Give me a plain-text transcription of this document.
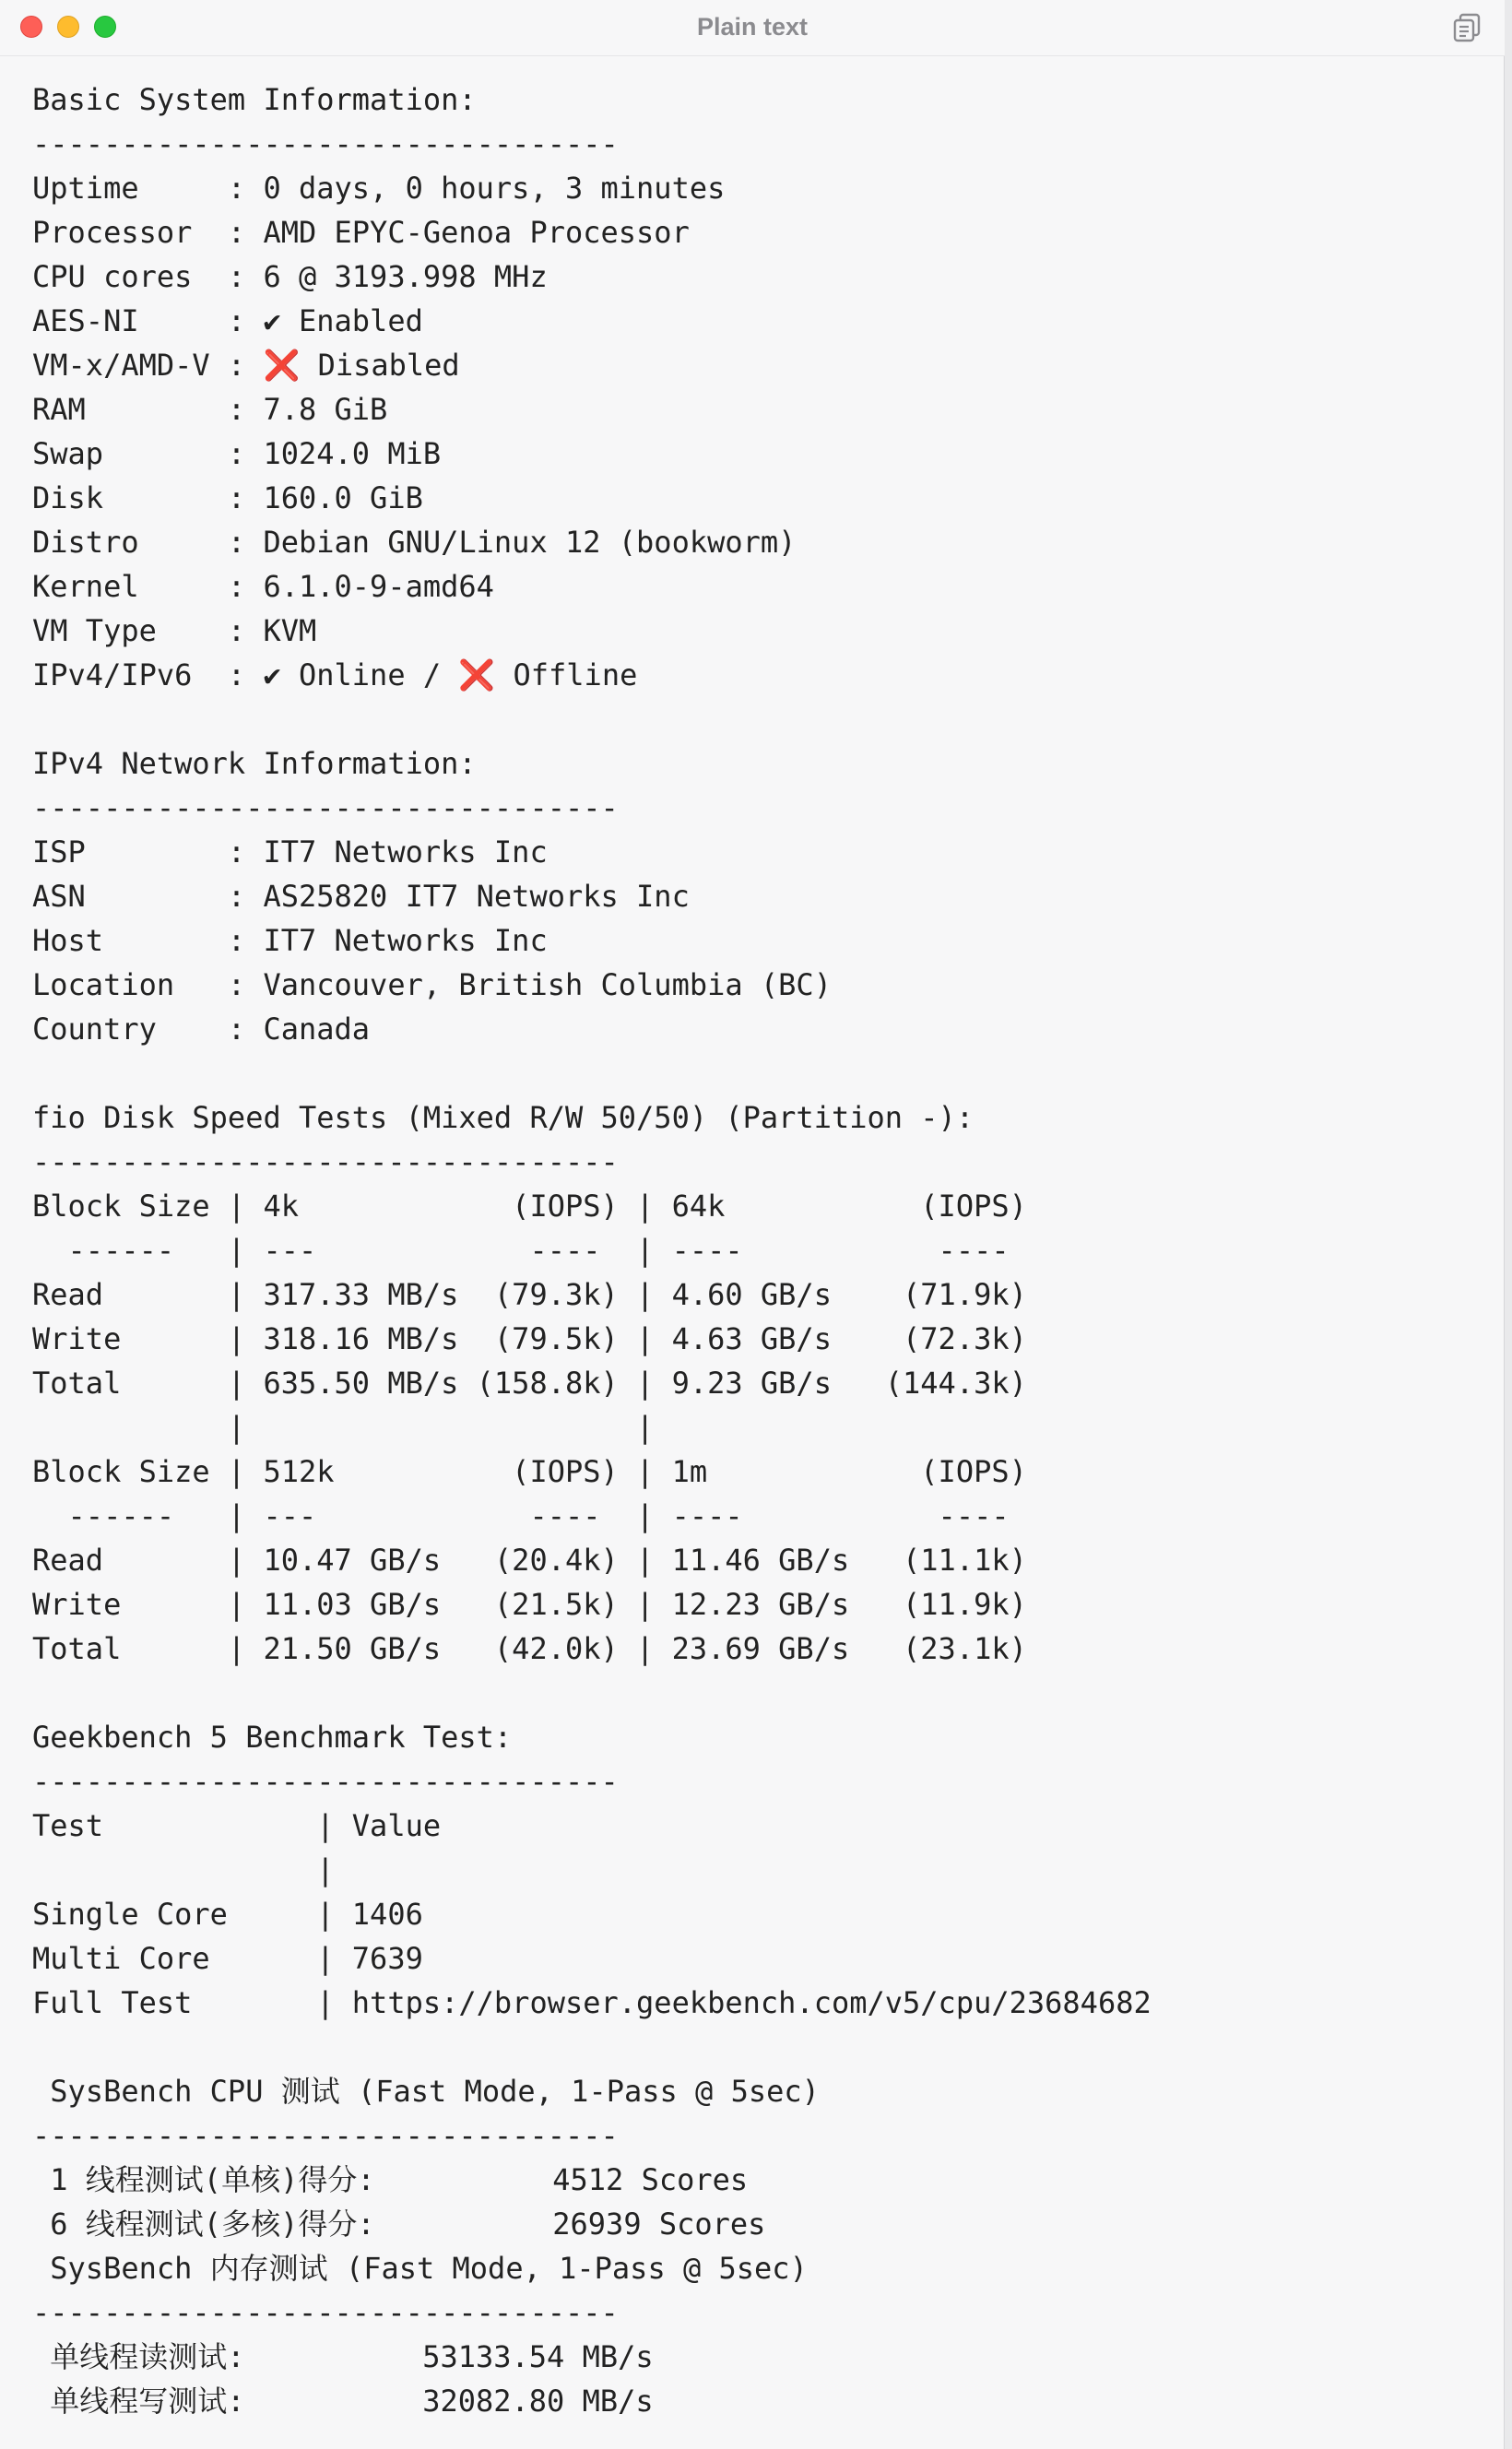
Plain text
Basic System Information:
---------------------------------
Uptime     : 0 days, 0 hours, 3 minutes
Processor  : AMD EPYC-Genoa Processor
CPU cores  : 6 @ 3193.998 MHz
AES-NI     : ✔ Enabled
VM-x/AMD-V : ❌ Disabled
RAM        : 7.8 GiB
Swap       : 1024.0 MiB
Disk       : 160.0 GiB
Distro     : Debian GNU/Linux 12 (bookworm)
Kernel     : 6.1.0-9-amd64
VM Type    : KVM
IPv4/IPv6  : ✔ Online / ❌ Offline
IPv4 Network Information:
---------------------------------
ISP        : IT7 Networks Inc
ASN        : AS25820 IT7 Networks Inc
Host       : IT7 Networks Inc
Location   : Vancouver, British Columbia (BC)
Country    : Canada
fio Disk Speed Tests (Mixed R/W 50/50) (Partition -):
---------------------------------
Block Size | 4k            (IOPS) | 64k           (IOPS)
------   | ---            ----  | ----           ----
Read       | 317.33 MB/s  (79.3k) | 4.60 GB/s    (71.9k)
Write      | 318.16 MB/s  (79.5k) | 4.63 GB/s    (72.3k)
Total      | 635.50 MB/s (158.8k) | 9.23 GB/s   (144.3k)
|                      |
Block Size | 512k          (IOPS) | 1m            (IOPS)
------   | ---            ----  | ----           ----
Read       | 10.47 GB/s   (20.4k) | 11.46 GB/s   (11.1k)
Write      | 11.03 GB/s   (21.5k) | 12.23 GB/s   (11.9k)
Total      | 21.50 GB/s   (42.0k) | 23.69 GB/s   (23.1k)
Geekbench 5 Benchmark Test:
---------------------------------
Test            | Value
|
Single Core     | 1406
Multi Core      | 7639
Full Test       | https://browser.geekbench.com/v5/cpu/23684682
SysBench CPU 测试 (Fast Mode, 1-Pass @ 5sec)
---------------------------------
1 线程测试(单核)得分:          4512 Scores
6 线程测试(多核)得分:          26939 Scores
SysBench 内存测试 (Fast Mode, 1-Pass @ 5sec)
---------------------------------
单线程读测试:          53133.54 MB/s
单线程写测试:          32082.80 MB/s
